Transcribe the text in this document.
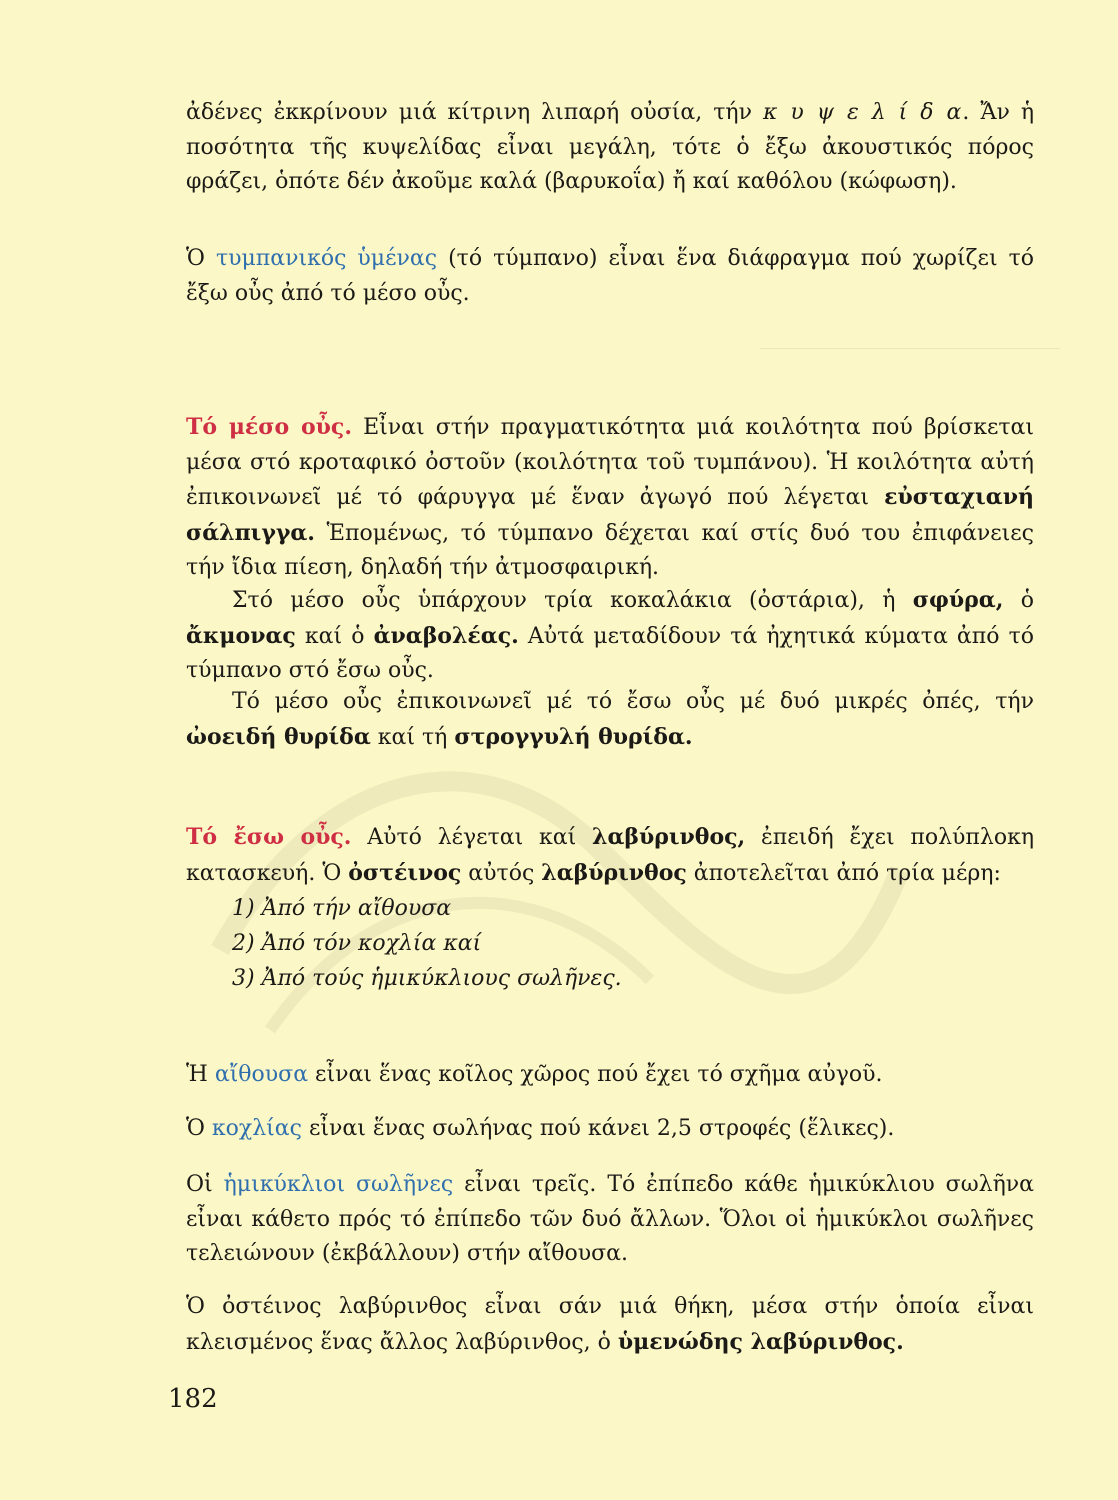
ἀδένες ἐκκρίνουν μιά κίτρινη λιπαρή οὐσία, τήν κ υ ψ ε λ ί δ α. Ἄν ἡ ποσότητα τῆς κυψελίδας εἶναι μεγάλη, τότε ὁ ἔξω ἀκουστικός πόρος φράζει, ὁπότε δέν ἀκοῦμε καλά (βαρυκοΐα) ἤ καί καθόλου (κώφωση).

Ὁ τυμπανικός ὑμένας (τό τύμπανο) εἶναι ἕνα διάφραγμα πού χωρίζει τό ἔξω οὖς ἀπό τό μέσο οὖς.

Τό μέσο οὖς. Εἶναι στήν πραγματικότητα μιά κοιλότητα πού βρίσκεται μέσα στό κροταφικό ὀστοῦν (κοιλότητα τοῦ τυμπάνου). Ἡ κοιλότητα αὐτή ἐπικοινωνεῖ μέ τό φάρυγγα μέ ἕναν ἀγωγό πού λέγεται εὐσταχιανή σάλπιγγα. Ἑπομένως, τό τύμπανο δέχεται καί στίς δυό του ἐπιφάνειες τήν ἴδια πίεση, δηλαδή τήν ἀτμοσφαιρική.

Στό μέσο οὖς ὑπάρχουν τρία κοκαλάκια (ὀστάρια), ἡ σφύρα, ὁ ἄκμονας καί ὁ ἀναβολέας. Αὐτά μεταδίδουν τά ἠχητικά κύματα ἀπό τό τύμπανο στό ἔσω οὖς.

Τό μέσο οὖς ἐπικοινωνεῖ μέ τό ἔσω οὖς μέ δυό μικρές ὀπές, τήν ὠοειδή θυρίδα καί τή στρογγυλή θυρίδα.

Τό ἔσω οὖς. Αὐτό λέγεται καί λαβύρινθος, ἐπειδή ἔχει πολύπλοκη κατασκευή. Ὁ ὀστέινος αὐτός λαβύρινθος ἀποτελεῖται ἀπό τρία μέρη:

1) Ἀπό τήν αἴθουσα
2) Ἀπό τόν κοχλία καί
3) Ἀπό τούς ἡμικύκλιους σωλῆνες.

Ἡ αἴθουσα εἶναι ἕνας κοῖλος χῶρος πού ἔχει τό σχῆμα αὐγοῦ.

Ὁ κοχλίας εἶναι ἕνας σωλήνας πού κάνει 2,5 στροφές (ἕλικες).

Οἱ ἡμικύκλιοι σωλῆνες εἶναι τρεῖς. Τό ἐπίπεδο κάθε ἡμικύκλιου σωλῆνα εἶναι κάθετο πρός τό ἐπίπεδο τῶν δυό ἄλλων. Ὅλοι οἱ ἡμικύκλοι σωλῆνες τελειώνουν (ἐκβάλλουν) στήν αἴθουσα.

Ὁ ὀστέινος λαβύρινθος εἶναι σάν μιά θήκη, μέσα στήν ὁποία εἶναι κλεισμένος ἕνας ἄλλος λαβύρινθος, ὁ ὑμενώδης λαβύρινθος.

182
